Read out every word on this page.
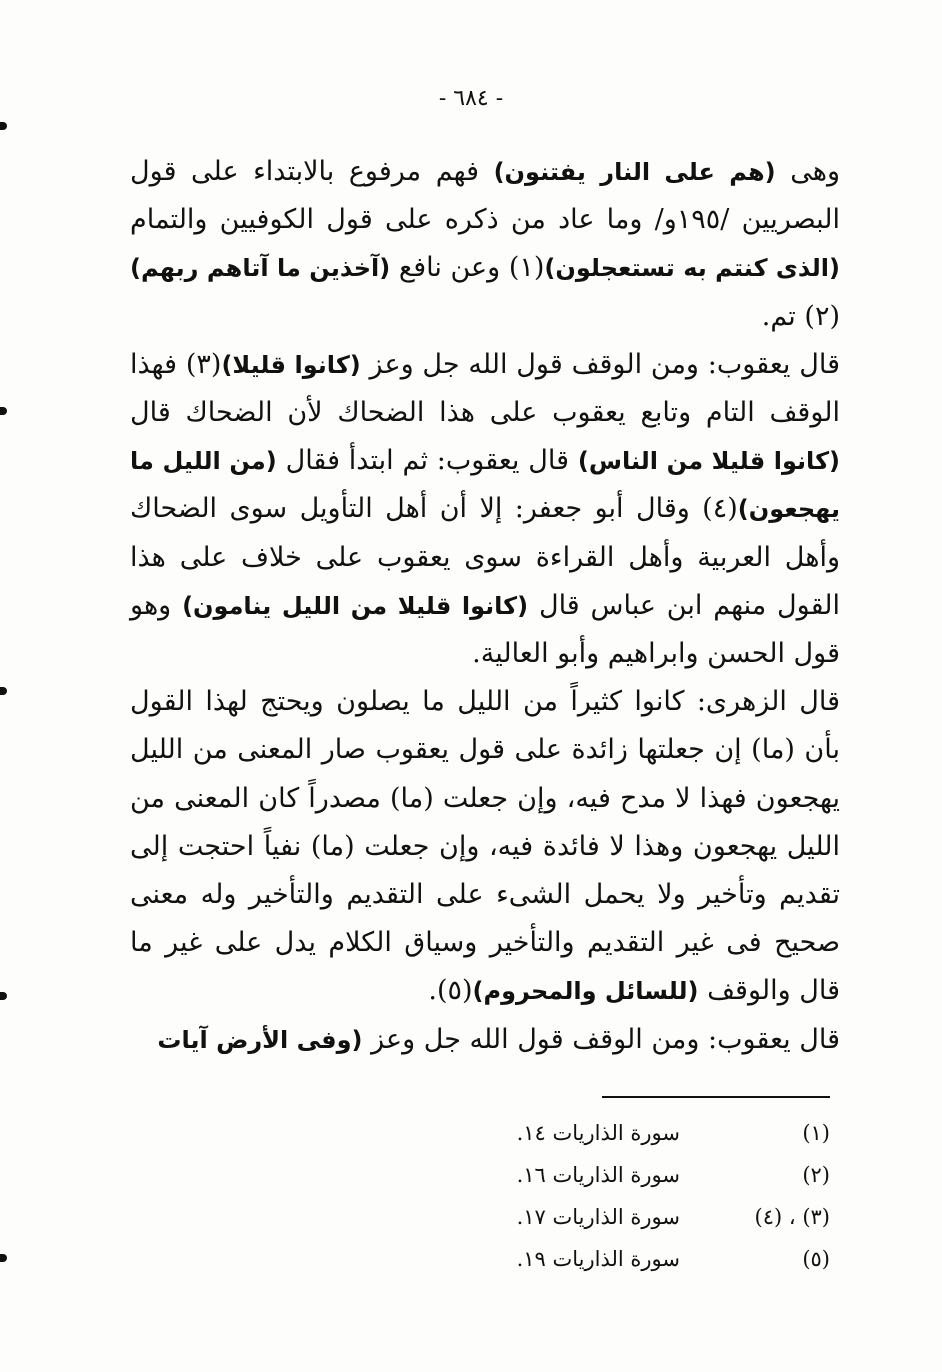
- ٦٨٤ -

وهى (هم على النار يفتنون) فهم مرفوع بالابتداء على قول البصريين /١٩٥و/ وما عاد من ذكره على قول الكوفيين والتمام (الذى كنتم به تستعجلون)(١) وعن نافع (آخذين ما آتاهم ربهم)(٢) تم.

قال يعقوب: ومن الوقف قول الله جل وعز (كانوا قليلا)(٣) فهذا الوقف التام وتابع يعقوب على هذا الضحاك لأن الضحاك قال (كانوا قليلا من الناس) قال يعقوب: ثم ابتدأ فقال (من الليل ما يهجعون)(٤) وقال أبو جعفر: إلا أن أهل التأويل سوى الضحاك وأهل العربية وأهل القراءة سوى يعقوب على خلاف على هذا القول منهم ابن عباس قال (كانوا قليلا من الليل ينامون) وهو قول الحسن وابراهيم وأبو العالية.

قال الزهرى: كانوا كثيراً من الليل ما يصلون ويحتج لهذا القول بأن (ما) إن جعلتها زائدة على قول يعقوب صار المعنى من الليل يهجعون فهذا لا مدح فيه، وإن جعلت (ما) مصدراً كان المعنى من الليل يهجعون وهذا لا فائدة فيه، وإن جعلت (ما) نفياً احتجت إلى تقديم وتأخير ولا يحمل الشىء على التقديم والتأخير وله معنى صحيح فى غير التقديم والتأخير وسياق الكلام يدل على غير ما قال والوقف (للسائل والمحروم)(٥).

قال يعقوب: ومن الوقف قول الله جل وعز (وفى الأرض آيات

(١)
سورة الذاريات ١٤.
(٢)
سورة الذاريات ١٦.
(٣) ، (٤)
سورة الذاريات ١٧.
(٥)
سورة الذاريات ١٩.
